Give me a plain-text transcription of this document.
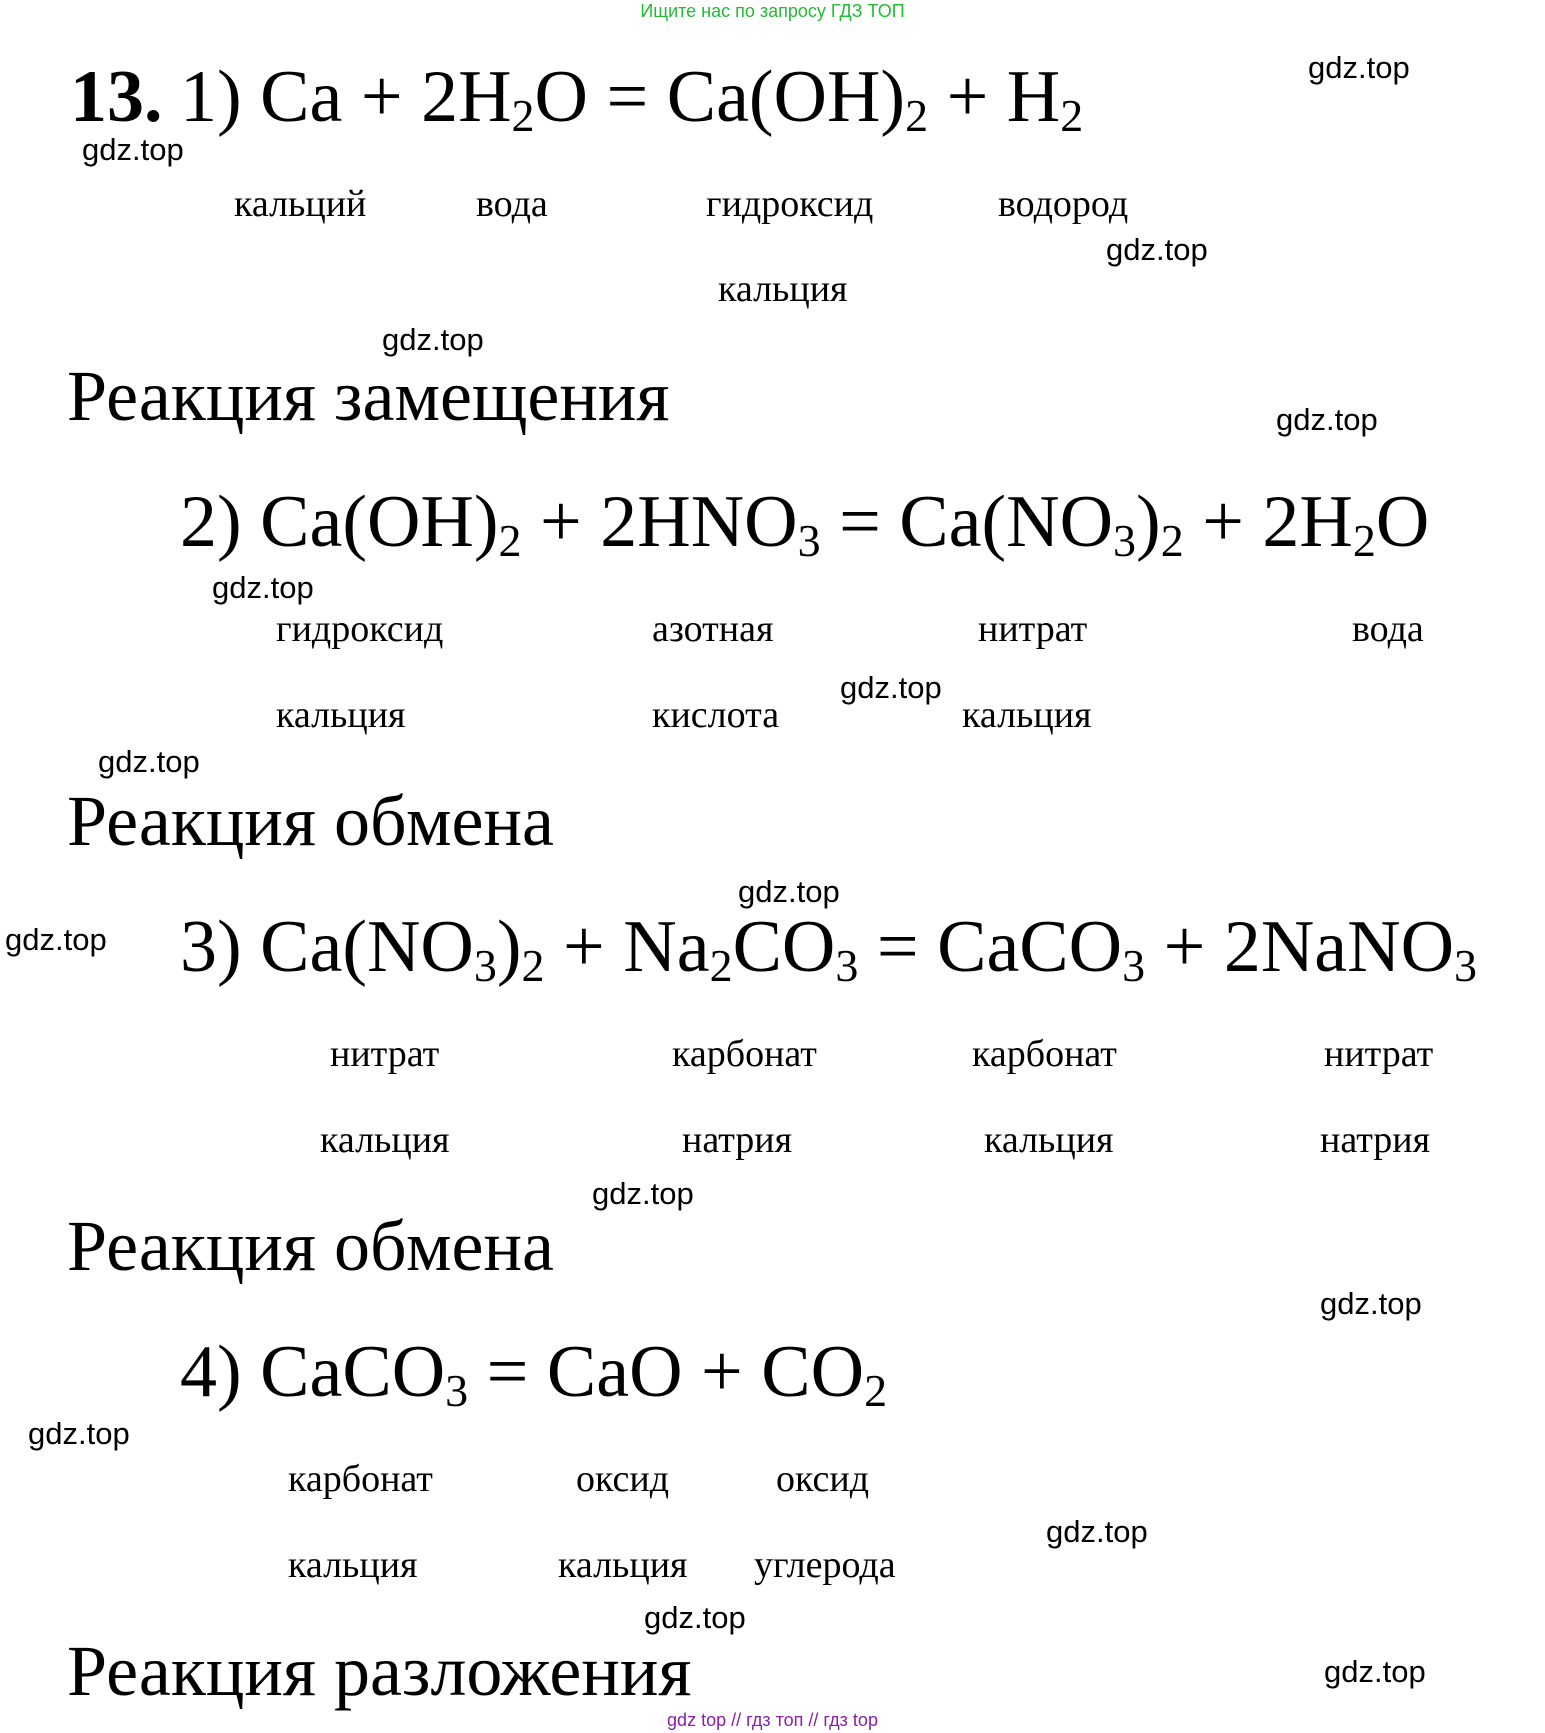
Ищите нас по запросу ГДЗ ТОП
13. 1) $Ca + 2H_2O = Ca(OH)_2 + H_2$
кальций	вода	гидроксид
кальция
водород
Реакция замещения
2) $Ca(OH)_2 + 2HNO_3 = Ca(NO_3)_2 + 2H_2O$
гидроксид
кальция
азотная
кислота
нитрат
кальция
вода
Реакция обмена
3) $Ca(NO_3)_2 + Na_2CO_3$ = CaCO$_3$ + 2NaNO$_3$
нитрат
кальция
карбонат
натрия
карбонат
кальция
нитрат
натрия
Реакция обмена
4) CaCO$_3$ = CaO + $CO_2$
карбонат
кальция
оксид
кальция
оксид
углерода
Реакция разложения
gdz.top
gdz.top
gdz.top
gdz.top
gdz.top
gdz.top
gdz.top
gdz.top
gdz.top
gdz.top
gdz.top
gdz.top
gdz.top
gdz.top
gdz.top
gdz.top
gdz top // гдз топ // гдз top
